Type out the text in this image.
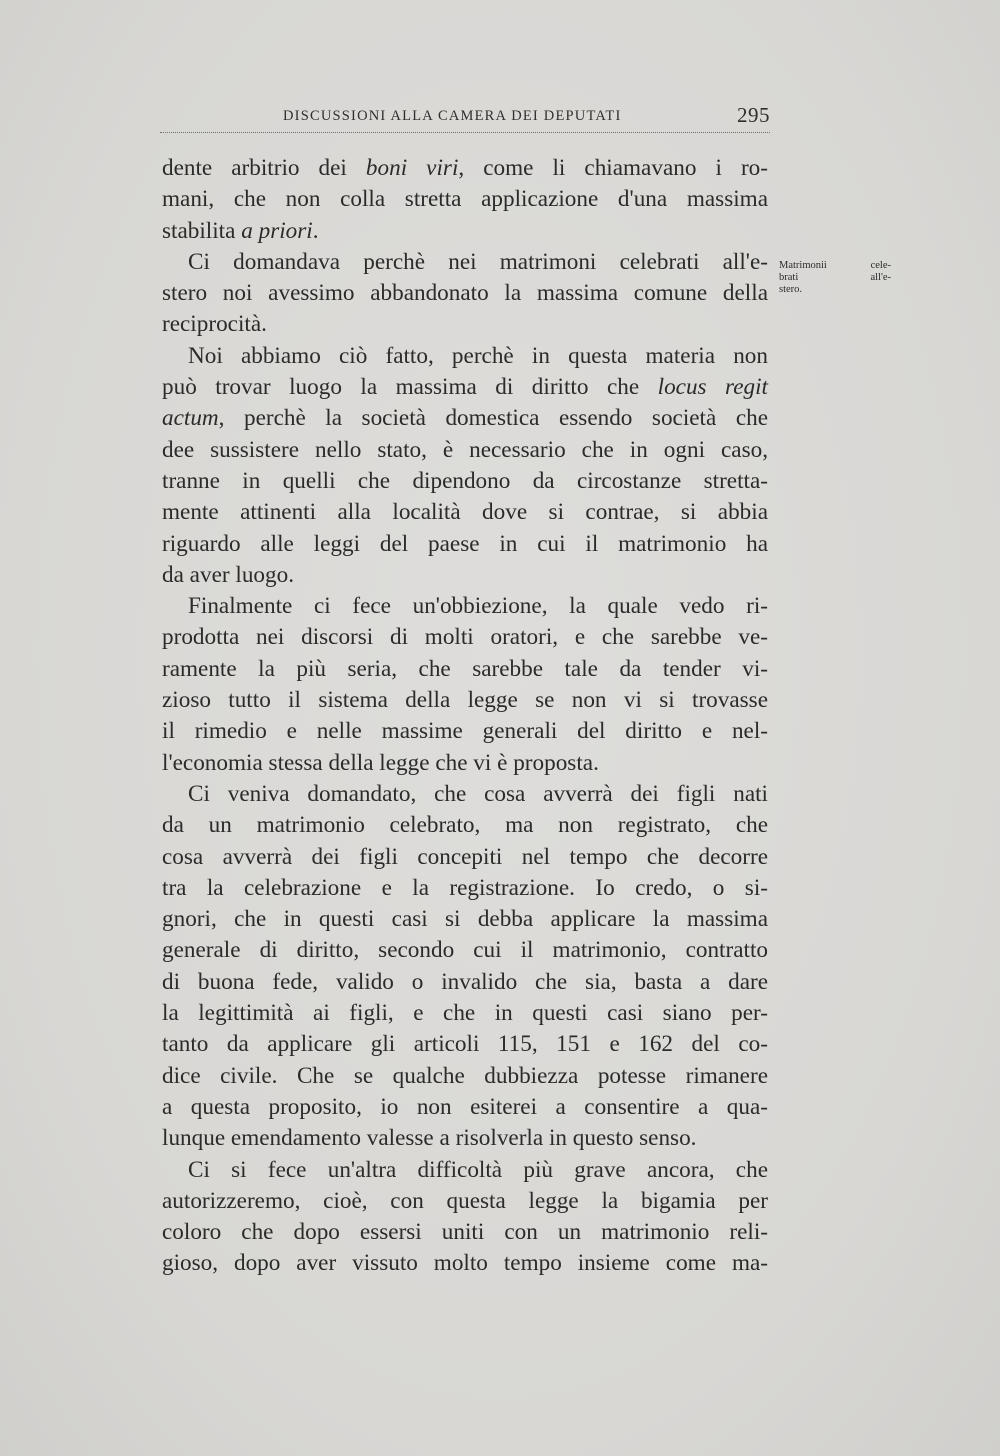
DISCUSSIONI ALLA CAMERA DEI DEPUTATI	295
Matrimonii cele-
brati all'e-
stero.
dente arbitrio dei boni viri, come li chiamavano i ro-
mani, che non colla stretta applicazione d'una massima
stabilita a priori.
Ci domandava perchè nei matrimoni celebrati all'e-
stero noi avessimo abbandonato la massima comune della
reciprocità.
Noi abbiamo ciò fatto, perchè in questa materia non
può trovar luogo la massima di diritto che locus regit
actum, perchè la società domestica essendo società che
dee sussistere nello stato, è necessario che in ogni caso,
tranne in quelli che dipendono da circostanze stretta-
mente attinenti alla località dove si contrae, si abbia
riguardo alle leggi del paese in cui il matrimonio ha
da aver luogo.
Finalmente ci fece un'obbiezione, la quale vedo ri-
prodotta nei discorsi di molti oratori, e che sarebbe ve-
ramente la più seria, che sarebbe tale da tender vi-
zioso tutto il sistema della legge se non vi si trovasse
il rimedio e nelle massime generali del diritto e nel-
l'economia stessa della legge che vi è proposta.
Ci veniva domandato, che cosa avverrà dei figli nati
da un matrimonio celebrato, ma non registrato, che
cosa avverrà dei figli concepiti nel tempo che decorre
tra la celebrazione e la registrazione. Io credo, o si-
gnori, che in questi casi si debba applicare la massima
generale di diritto, secondo cui il matrimonio, contratto
di buona fede, valido o invalido che sia, basta a dare
la legittimità ai figli, e che in questi casi siano per-
tanto da applicare gli articoli 115, 151 e 162 del co-
dice civile. Che se qualche dubbiezza potesse rimanere
a questa proposito, io non esiterei a consentire a qua-
lunque emendamento valesse a risolverla in questo senso.
Ci si fece un'altra difficoltà più grave ancora, che
autorizzeremo, cioè, con questa legge la bigamia per
coloro che dopo essersi uniti con un matrimonio reli-
gioso, dopo aver vissuto molto tempo insieme come ma-
